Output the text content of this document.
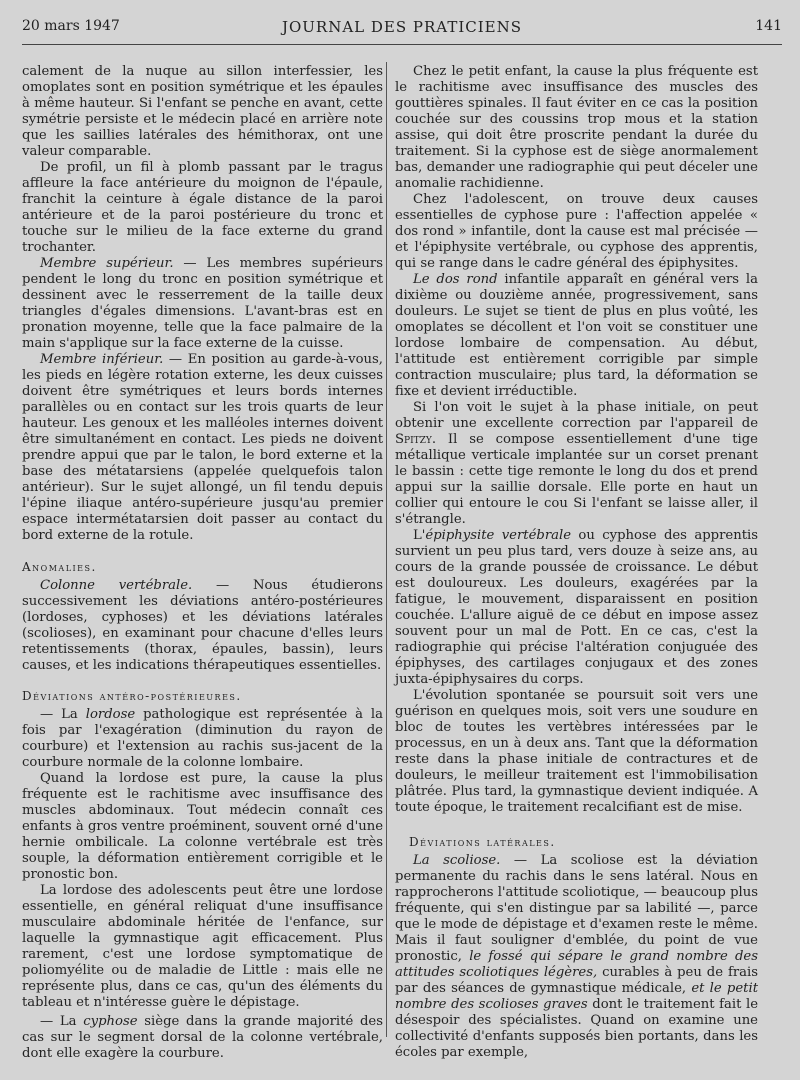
20 mars 1947	JOURNAL DES PRATICIENS	141

calement de la nuque au sillon interfessier, les omoplates sont en position symétrique et les épaules à même hauteur. Si l'enfant se penche en avant, cette symétrie persiste et le médecin placé en arrière note que les saillies latérales des hémithorax, ont une valeur comparable.

De profil, un fil à plomb passant par le tragus affleure la face antérieure du moignon de l'épaule, franchit la ceinture à égale distance de la paroi antérieure et de la paroi postérieure du tronc et touche sur le milieu de la face externe du grand trochanter.

Membre supérieur. — Les membres supérieurs pendent le long du tronc en position symétrique et dessinent avec le resserrement de la taille deux triangles d'égales dimensions. L'avant-bras est en pronation moyenne, telle que la face palmaire de la main s'applique sur la face externe de la cuisse.

Membre inférieur. — En position au garde-à-vous, les pieds en légère rotation externe, les deux cuisses doivent être symétriques et leurs bords internes parallèles ou en contact sur les trois quarts de leur hauteur. Les genoux et les malléoles internes doivent être simultanément en contact. Les pieds ne doivent prendre appui que par le talon, le bord externe et la base des métatarsiens (appelée quelquefois talon antérieur). Sur le sujet allongé, un fil tendu depuis l'épine iliaque antéro-supérieure jusqu'au premier espace intermétatarsien doit passer au contact du bord externe de la rotule.

Anomalies.

Colonne vertébrale. — Nous étudierons successivement les déviations antéro-postérieures (lordoses, cyphoses) et les déviations latérales (scolioses), en examinant pour chacune d'elles leurs retentissements (thorax, épaules, bassin), leurs causes, et les indications thérapeutiques essentielles.

Déviations antéro-postérieures.

— La lordose pathologique est représentée à la fois par l'exagération (diminution du rayon de courbure) et l'extension au rachis sus-jacent de la courbure normale de la colonne lombaire.

Quand la lordose est pure, la cause la plus fréquente est le rachitisme avec insuffisance des muscles abdominaux. Tout médecin connaît ces enfants à gros ventre proéminent, souvent orné d'une hernie ombilicale. La colonne vertébrale est très souple, la déformation entièrement corrigible et le pronostic bon.

La lordose des adolescents peut être une lordose essentielle, en général reliquat d'une insuffisance musculaire abdominale héritée de l'enfance, sur laquelle la gymnastique agit efficacement. Plus rarement, c'est une lordose symptomatique de poliomyélite ou de maladie de Little : mais elle ne représente plus, dans ce cas, qu'un des éléments du tableau et n'intéresse guère le dépistage.

— La cyphose siège dans la grande majorité des cas sur le segment dorsal de la colonne vertébrale, dont elle exagère la courbure.

Chez le petit enfant, la cause la plus fréquente est le rachitisme avec insuffisance des muscles des gouttières spinales. Il faut éviter en ce cas la position couchée sur des coussins trop mous et la station assise, qui doit être proscrite pendant la durée du traitement. Si la cyphose est de siège anormalement bas, demander une radiographie qui peut déceler une anomalie rachidienne.

Chez l'adolescent, on trouve deux causes essentielles de cyphose pure : l'affection appelée « dos rond » infantile, dont la cause est mal précisée — et l'épiphysite vertébrale, ou cyphose des apprentis, qui se range dans le cadre général des épiphysites.

Le dos rond infantile apparaît en général vers la dixième ou douzième année, progressivement, sans douleurs. Le sujet se tient de plus en plus voûté, les omoplates se décollent et l'on voit se constituer une lordose lombaire de compensation. Au début, l'attitude est entièrement corrigible par simple contraction musculaire; plus tard, la déformation se fixe et devient irréductible.

Si l'on voit le sujet à la phase initiale, on peut obtenir une excellente correction par l'appareil de Spitzy. Il se compose essentiellement d'une tige métallique verticale implantée sur un corset prenant le bassin : cette tige remonte le long du dos et prend appui sur la saillie dorsale. Elle porte en haut un collier qui entoure le cou Si l'enfant se laisse aller, il s'étrangle.

L'épiphysite vertébrale ou cyphose des apprentis survient un peu plus tard, vers douze à seize ans, au cours de la grande poussée de croissance. Le début est douloureux. Les douleurs, exagérées par la fatigue, le mouvement, disparaissent en position couchée. L'allure aiguë de ce début en impose assez souvent pour un mal de Pott. En ce cas, c'est la radiographie qui précise l'altération conjuguée des épiphyses, des cartilages conjugaux et des zones juxta-épiphysaires du corps.

L'évolution spontanée se poursuit soit vers une guérison en quelques mois, soit vers une soudure en bloc de toutes les vertèbres intéressées par le processus, en un à deux ans. Tant que la déformation reste dans la phase initiale de contractures et de douleurs, le meilleur traitement est l'immobilisation plâtrée. Plus tard, la gymnastique devient indiquée. A toute époque, le traitement recalcifiant est de mise.

Déviations latérales.

La scoliose. — La scoliose est la déviation permanente du rachis dans le sens latéral. Nous en rapprocherons l'attitude scoliotique, — beaucoup plus fréquente, qui s'en distingue par sa labilité —, parce que le mode de dépistage et d'examen reste le même. Mais il faut souligner d'emblée, du point de vue pronostic, le fossé qui sépare le grand nombre des attitudes scoliotiques légères, curables à peu de frais par des séances de gymnastique médicale, et le petit nombre des scolioses graves dont le traitement fait le désespoir des spécialistes. Quand on examine une collectivité d'enfants supposés bien portants, dans les écoles par exemple,
